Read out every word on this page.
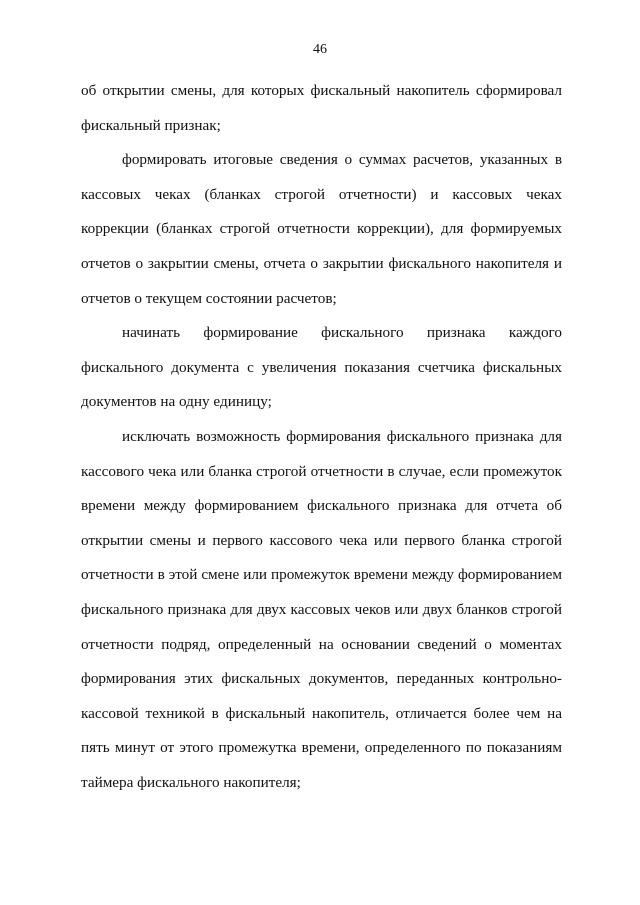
46

об открытии смены, для которых фискальный накопитель сформировал фискальный признак;

формировать итоговые сведения о суммах расчетов, указанных в кассовых чеках (бланках строгой отчетности) и кассовых чеках коррекции (бланках строгой отчетности коррекции), для формируемых отчетов о закрытии смены, отчета о закрытии фискального накопителя и отчетов о текущем состоянии расчетов;

начинать формирование фискального признака каждого фискального документа с увеличения показания счетчика фискальных документов на одну единицу;

исключать возможность формирования фискального признака для кассового чека или бланка строгой отчетности в случае, если промежуток времени между формированием фискального признака для отчета об открытии смены и первого кассового чека или первого бланка строгой отчетности в этой смене или промежуток времени между формированием фискального признака для двух кассовых чеков или двух бланков строгой отчетности подряд, определенный на основании сведений о моментах формирования этих фискальных документов, переданных контрольно-кассовой техникой в фискальный накопитель, отличается более чем на пять минут от этого промежутка времени, определенного по показаниям таймера фискального накопителя;
